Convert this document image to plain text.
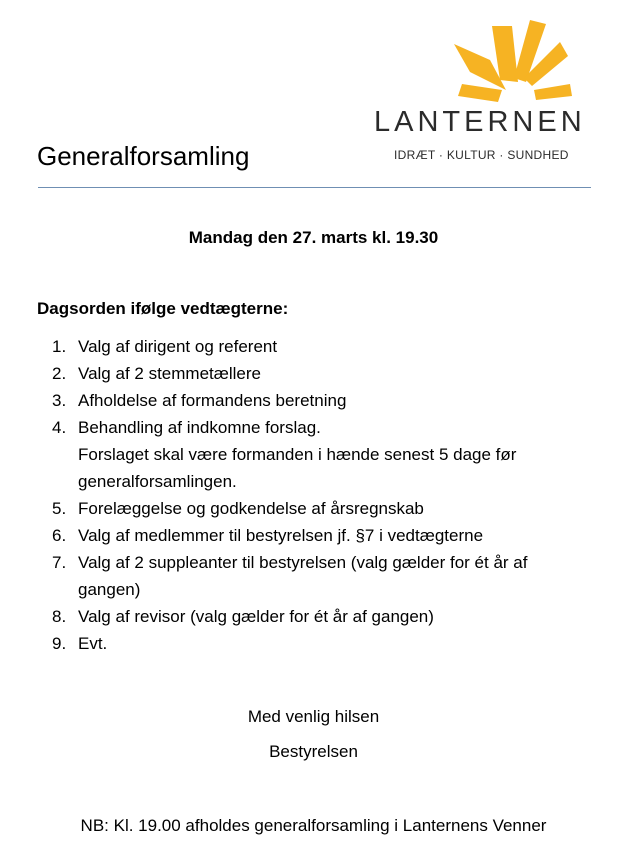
Generalforsamling
LANTERNEN
IDRÆT · KULTUR · SUNDHED
Mandag den 27. marts kl. 19.30
Dagsorden ifølge vedtægterne:
1. Valg af dirigent og referent
2. Valg af 2 stemmetællere
3. Afholdelse af formandens beretning
4. Behandling af indkomne forslag.
Forslaget skal være formanden i hænde senest 5 dage før
generalforsamlingen.
5. Forelæggelse og godkendelse af årsregnskab
6. Valg af medlemmer til bestyrelsen jf. §7 i vedtægterne
7. Valg af 2 suppleanter til bestyrelsen (valg gælder for ét år af
gangen)
8. Valg af revisor (valg gælder for ét år af gangen)
9. Evt.
Med venlig hilsen
Bestyrelsen
NB: Kl. 19.00 afholdes generalforsamling i Lanternens Venner
